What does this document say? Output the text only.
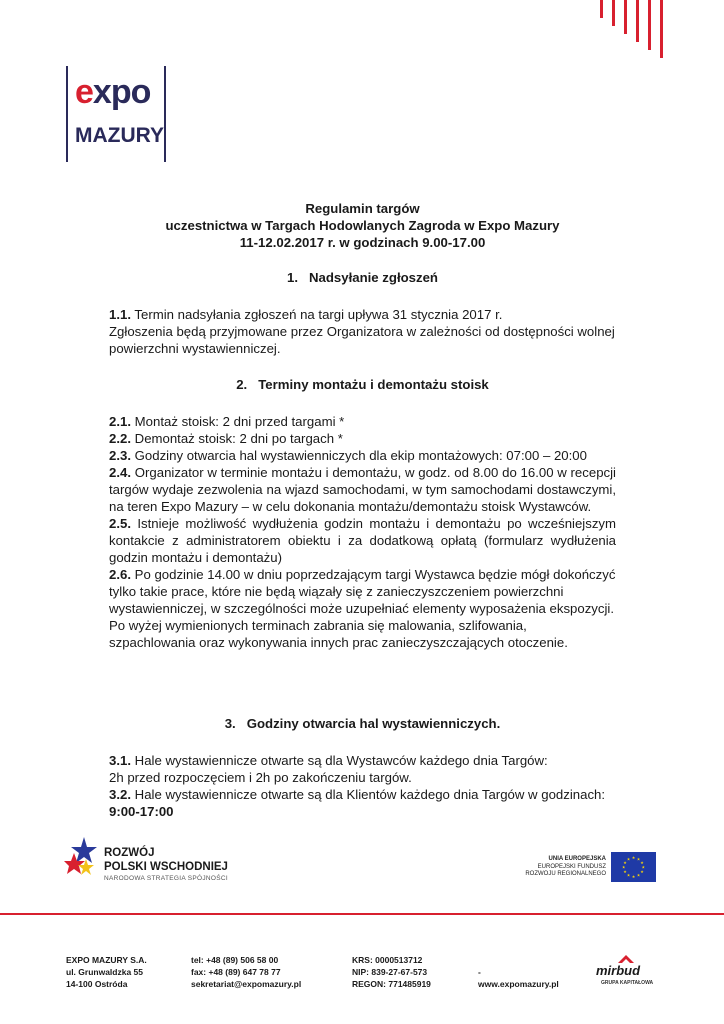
expo
MAZURY
Regulamin targów
uczestnictwa w Targach Hodowlanych Zagroda w Expo Mazury
11-12.02.2017 r. w godzinach 9.00-17.00
1. Nadsyłanie zgłoszeń
1.1. Termin nadsyłania zgłoszeń na targi upływa 31 stycznia 2017 r.
Zgłoszenia będą przyjmowane przez Organizatora w zależności od dostępności wolnej powierzchni wystawienniczej.
2. Terminy montażu i demontażu stoisk
2.1. Montaż stoisk: 2 dni przed targami *
2.2. Demontaż stoisk: 2 dni po targach *
2.3. Godziny otwarcia hal wystawienniczych dla ekip montażowych: 07:00 – 20:00
2.4. Organizator w terminie montażu i demontażu, w godz. od 8.00 do 16.00 w recepcji targów wydaje zezwolenia na wjazd samochodami, w tym samochodami dostawczymi, na teren Expo Mazury – w celu dokonania montażu/demontażu stoisk Wystawców.
2.5. Istnieje możliwość wydłużenia godzin montażu i demontażu po wcześniejszym kontakcie z administratorem obiektu i za dodatkową opłatą (formularz wydłużenia godzin montażu i demontażu)
2.6. Po godzinie 14.00 w dniu poprzedzającym targi Wystawca będzie mógł dokończyć tylko takie prace, które nie będą wiązały się z zanieczyszczeniem powierzchni wystawienniczej, w szczególności może uzupełniać elementy wyposażenia ekspozycji. Po wyżej wymienionych terminach zabrania się malowania, szlifowania, szpachlowania oraz wykonywania innych prac zanieczyszczających otoczenie.
3. Godziny otwarcia hal wystawienniczych.
3.1. Hale wystawiennicze otwarte są dla Wystawców każdego dnia Targów:
2h przed rozpoczęciem i 2h po zakończeniu targów.
3.2. Hale wystawiennicze otwarte są dla Klientów każdego dnia Targów w godzinach:
9:00-17:00
ROZWÓJ
POLSKI WSCHODNIEJ
NARODOWA STRATEGIA SPÓJNOŚCI
UNIA EUROPEJSKA
EUROPEJSKI FUNDUSZ
ROZWOJU REGIONALNEGO
★ ★
★
★
★
★
★
★
★
★
★
★
EXPO MAZURY S.A.
ul. Grunwaldzka 55
14-100 Ostróda
tel: +48 (89) 506 58 00
fax: +48 (89) 647 78 77
sekretariat@expomazury.pl
KRS: 0000513712
NIP: 839-27-67-573
REGON: 771485919
-
www.expomazury.pl
mirbud
GRUPA KAPITAŁOWA
